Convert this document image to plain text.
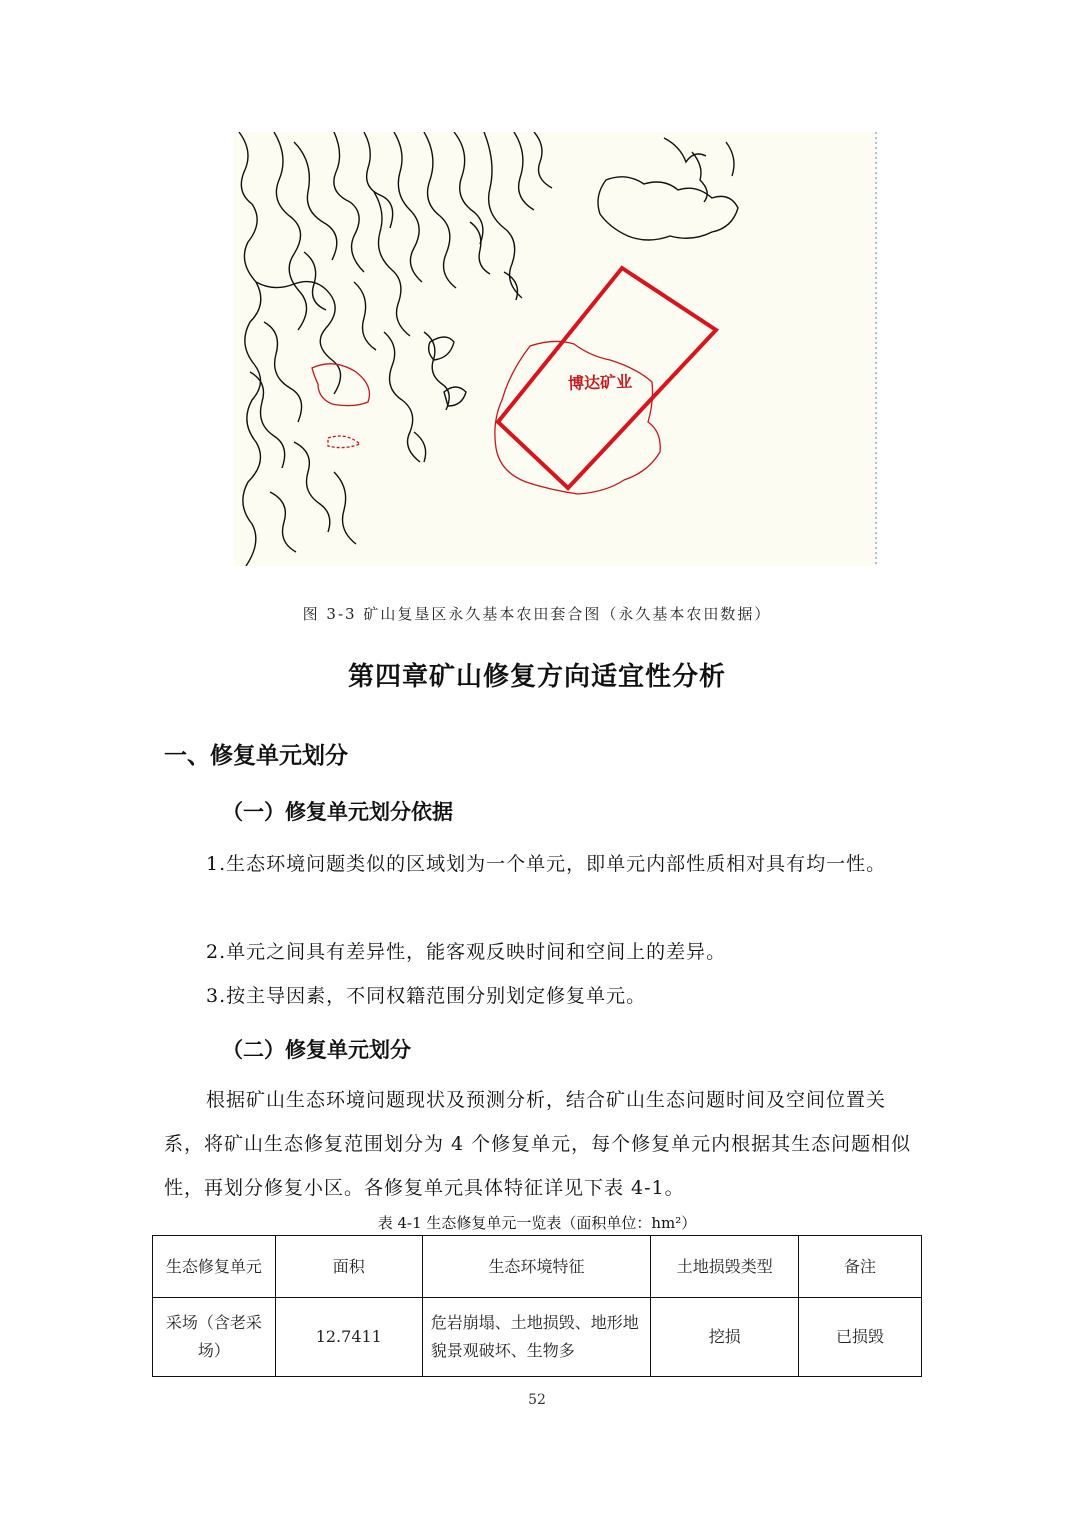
博达矿业
图 3-3 矿山复垦区永久基本农田套合图（永久基本农田数据）
第四章矿山修复方向适宜性分析
一、修复单元划分
（一）修复单元划分依据
1.生态环境问题类似的区域划为一个单元，即单元内部性质相对具有均一性。
2.单元之间具有差异性，能客观反映时间和空间上的差异。
3.按主导因素，不同权籍范围分别划定修复单元。
（二）修复单元划分
根据矿山生态环境问题现状及预测分析，结合矿山生态问题时间及空间位置关系，将矿山生态修复范围划分为 4 个修复单元，每个修复单元内根据其生态问题相似性，再划分修复小区。各修复单元具体特征详见下表 4-1。
表 4-1 生态修复单元一览表（面积单位：hm²）
生态修复单元	面积	生态环境特征	土地损毁类型	备注
采场（含老采场）	12.7411	危岩崩塌、土地损毁、地形地貌景观破坏、生物多	挖损	已损毁
52
